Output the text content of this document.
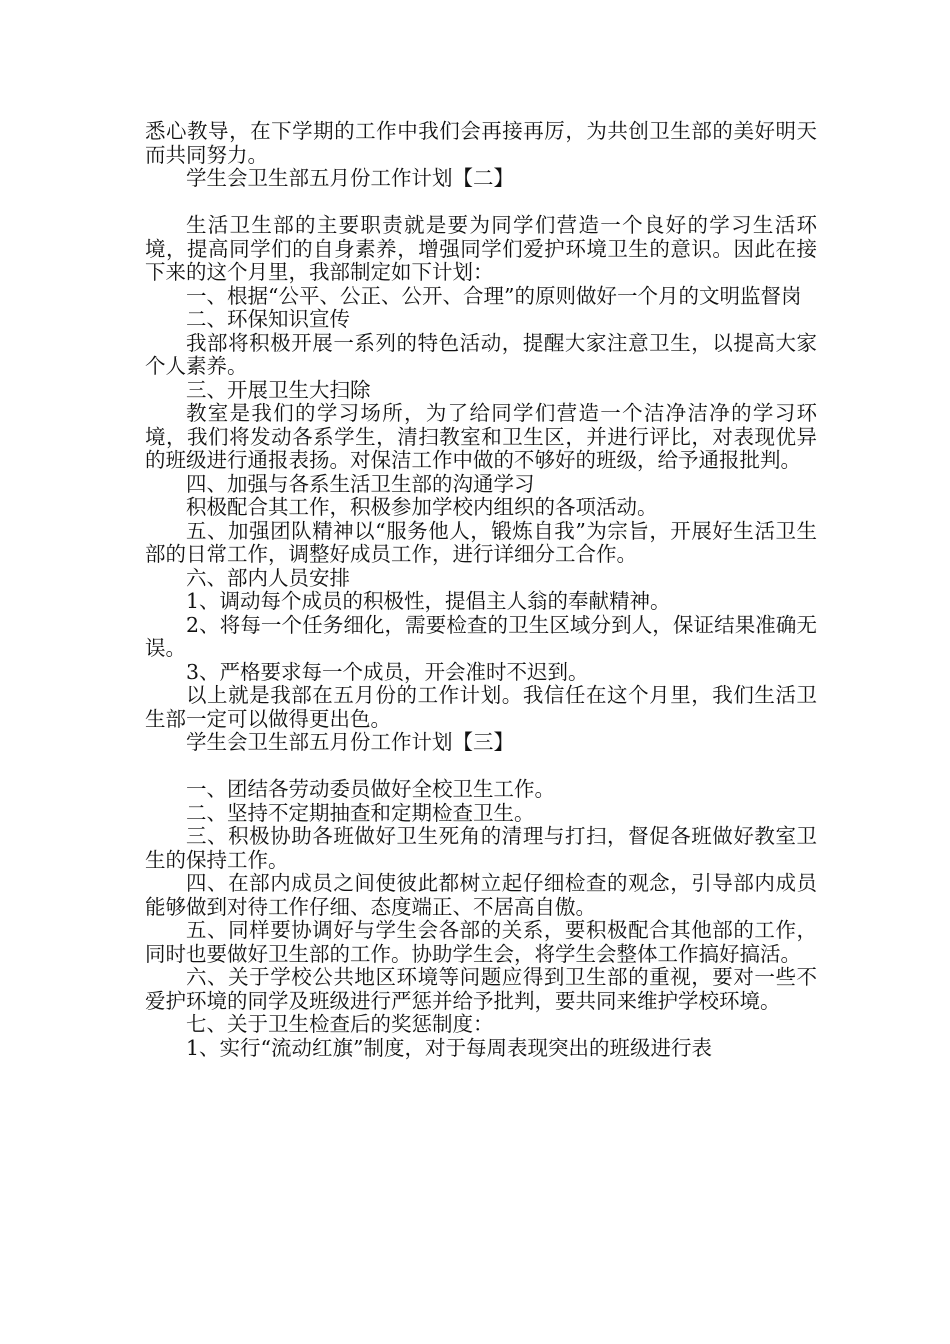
悉心教导，在下学期的工作中我们会再接再厉，为共创卫生部的美好明天而共同努力。

学生会卫生部五月份工作计划【二】

生活卫生部的主要职责就是要为同学们营造一个良好的学习生活环境，提高同学们的自身素养，增强同学们爱护环境卫生的意识。因此在接下来的这个月里，我部制定如下计划：

一、根据“公平、公正、公开、合理”的原则做好一个月的文明监督岗

二、环保知识宣传

我部将积极开展一系列的特色活动，提醒大家注意卫生，以提高大家个人素养。

三、开展卫生大扫除

教室是我们的学习场所，为了给同学们营造一个洁净洁净的学习环境，我们将发动各系学生，清扫教室和卫生区，并进行评比，对表现优异的班级进行通报表扬。对保洁工作中做的不够好的班级，给予通报批判。

四、加强与各系生活卫生部的沟通学习

积极配合其工作，积极参加学校内组织的各项活动。

五、加强团队精神以“服务他人，锻炼自我”为宗旨，开展好生活卫生部的日常工作，调整好成员工作，进行详细分工合作。

六、部内人员安排

1、调动每个成员的积极性，提倡主人翁的奉献精神。

2、将每一个任务细化，需要检查的卫生区域分到人，保证结果准确无误。

3、严格要求每一个成员，开会准时不迟到。

以上就是我部在五月份的工作计划。我信任在这个月里，我们生活卫生部一定可以做得更出色。

学生会卫生部五月份工作计划【三】

一、团结各劳动委员做好全校卫生工作。

二、坚持不定期抽查和定期检查卫生。

三、积极协助各班做好卫生死角的清理与打扫，督促各班做好教室卫生的保持工作。

四、在部内成员之间使彼此都树立起仔细检查的观念，引导部内成员能够做到对待工作仔细、态度端正、不居高自傲。

五、同样要协调好与学生会各部的关系，要积极配合其他部的工作，同时也要做好卫生部的工作。协助学生会，将学生会整体工作搞好搞活。

六、关于学校公共地区环境等问题应得到卫生部的重视，要对一些不爱护环境的同学及班级进行严惩并给予批判，要共同来维护学校环境。

七、关于卫生检查后的奖惩制度：

1、实行“流动红旗”制度，对于每周表现突出的班级进行表
